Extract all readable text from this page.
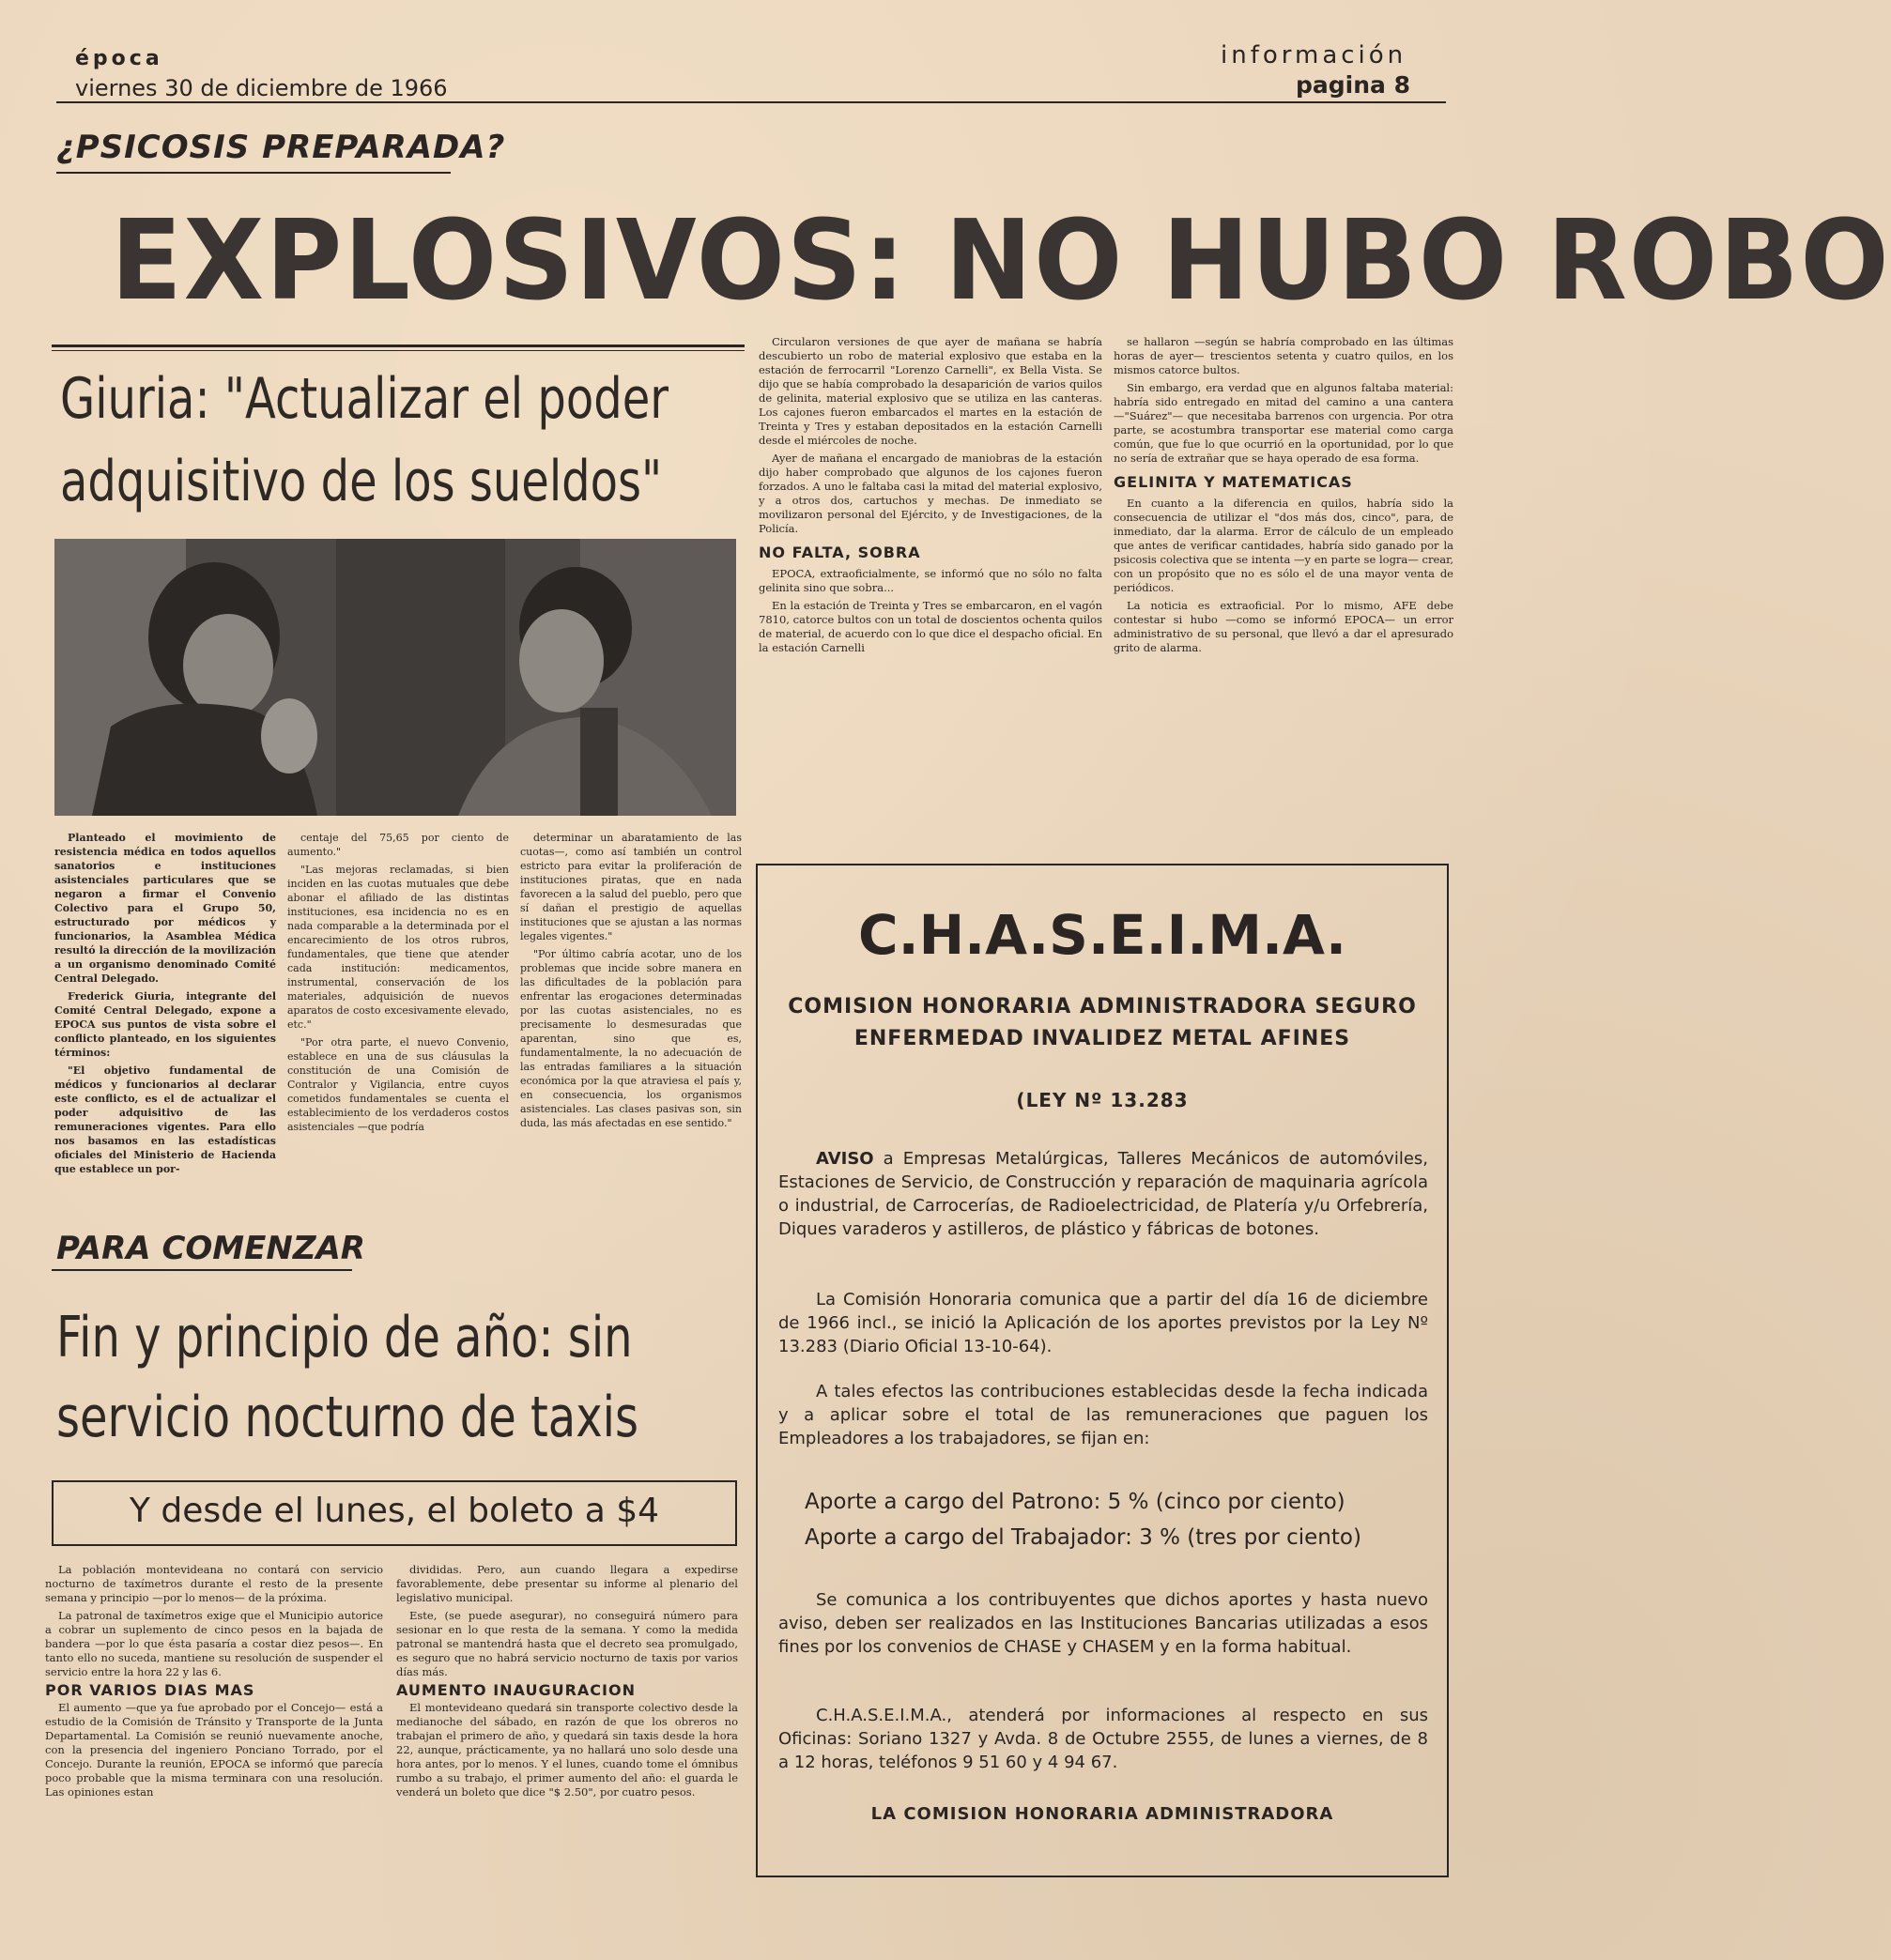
época
viernes 30 de diciembre de 1966
información
pagina 8
¿PSICOSIS PREPARADA?
EXPLOSIVOS: NO HUBO ROBO

Circularon versiones de que ayer de mañana se habría descubierto un robo de material explosivo que estaba en la estación de ferrocarril "Lorenzo Carnelli", ex Bella Vista. Se dijo que se había comprobado la desaparición de varios quilos de gelinita, material explosivo que se utiliza en las canteras. Los cajones fueron embarcados el martes en la estación de Treinta y Tres y estaban depositados en la estación Carnelli desde el miércoles de noche.

Ayer de mañana el encargado de maniobras de la estación dijo haber comprobado que algunos de los cajones fueron forzados. A uno le faltaba casi la mitad del material explosivo, y a otros dos, cartuchos y mechas. De inmediato se movilizaron personal del Ejército, y de Investigaciones, de la Policía.

NO FALTA, SOBRA

EPOCA, extraoficialmente, se informó que no sólo no falta gelinita sino que sobra...

En la estación de Treinta y Tres se embarcaron, en el vagón 7810, catorce bultos con un total de doscientos ochenta quilos de material, de acuerdo con lo que dice el despacho oficial. En la estación Carnelli

se hallaron —según se habría comprobado en las últimas horas de ayer— trescientos setenta y cuatro quilos, en los mismos catorce bultos.

Sin embargo, era verdad que en algunos faltaba material: habría sido entregado en mitad del camino a una cantera —"Suárez"— que necesitaba barrenos con urgencia. Por otra parte, se acostumbra transportar ese material como carga común, que fue lo que ocurrió en la oportunidad, por lo que no sería de extrañar que se haya operado de esa forma.

GELINITA Y MATEMATICAS

En cuanto a la diferencia en quilos, habría sido la consecuencia de utilizar el "dos más dos, cinco", para, de inmediato, dar la alarma. Error de cálculo de un empleado que antes de verificar cantidades, habría sido ganado por la psicosis colectiva que se intenta —y en parte se logra— crear, con un propósito que no es sólo el de una mayor venta de periódicos.

La noticia es extraoficial. Por lo mismo, AFE debe contestar si hubo —como se informó EPOCA— un error administrativo de su personal, que llevó a dar el apresurado grito de alarma.

Giuria: "Actualizar el poder
adquisitivo de los sueldos"

Planteado el movimiento de resistencia médica en todos aquellos sanatorios e instituciones asistenciales particulares que se negaron a firmar el Convenio Colectivo para el Grupo 50, estructurado por médicos y funcionarios, la Asamblea Médica resultó la dirección de la movilización a un organismo denominado Comité Central Delegado.

Frederick Giuria, integrante del Comité Central Delegado, expone a EPOCA sus puntos de vista sobre el conflicto planteado, en los siguientes términos:

"El objetivo fundamental de médicos y funcionarios al declarar este conflicto, es el de actualizar el poder adquisitivo de las remuneraciones vigentes. Para ello nos basamos en las estadísticas oficiales del Ministerio de Hacienda que establece un por-

centaje del 75,65 por ciento de aumento."

"Las mejoras reclamadas, si bien inciden en las cuotas mutuales que debe abonar el afiliado de las distintas instituciones, esa incidencia no es en nada comparable a la determinada por el encarecimiento de los otros rubros, fundamentales, que tiene que atender cada institución: medicamentos, instrumental, conservación de los materiales, adquisición de nuevos aparatos de costo excesivamente elevado, etc."

"Por otra parte, el nuevo Convenio, establece en una de sus cláusulas la constitución de una Comisión de Contralor y Vigilancia, entre cuyos cometidos fundamentales se cuenta el establecimiento de los verdaderos costos asistenciales —que podría

determinar un abaratamiento de las cuotas—, como así también un control estricto para evitar la proliferación de instituciones piratas, que en nada favorecen a la salud del pueblo, pero que sí dañan el prestigio de aquellas instituciones que se ajustan a las normas legales vigentes."

"Por último cabría acotar, uno de los problemas que incide sobre manera en las dificultades de la población para enfrentar las erogaciones determinadas por las cuotas asistenciales, no es precisamente lo desmesuradas que aparentan, sino que es, fundamentalmente, la no adecuación de las entradas familiares a la situación económica por la que atraviesa el país y, en consecuencia, los organismos asistenciales. Las clases pasivas son, sin duda, las más afectadas en ese sentido."

PARA COMENZAR
Fin y principio de año: sin
servicio nocturno de taxis
Y desde el lunes, el boleto a $4

La población montevideana no contará con servicio nocturno de taxímetros durante el resto de la presente semana y principio —por lo menos— de la próxima.

La patronal de taxímetros exige que el Municipio autorice a cobrar un suplemento de cinco pesos en la bajada de bandera —por lo que ésta pasaría a costar diez pesos—. En tanto ello no suceda, mantiene su resolución de suspender el servicio entre la hora 22 y las 6.

POR VARIOS DIAS MAS

El aumento —que ya fue aprobado por el Concejo— está a estudio de la Comisión de Tránsito y Transporte de la Junta Departamental. La Comisión se reunió nuevamente anoche, con la presencia del ingeniero Ponciano Torrado, por el Concejo. Durante la reunión, EPOCA se informó que parecía poco probable que la misma terminara con una resolución. Las opiniones estan

divididas. Pero, aun cuando llegara a expedirse favorablemente, debe presentar su informe al plenario del legislativo municipal.

Este, (se puede asegurar), no conseguirá número para sesionar en lo que resta de la semana. Y como la medida patronal se mantendrá hasta que el decreto sea promulgado, es seguro que no habrá servicio nocturno de taxis por varios días más.

AUMENTO INAUGURACION

El montevideano quedará sin transporte colectivo desde la medianoche del sábado, en razón de que los obreros no trabajan el primero de año, y quedará sin taxis desde la hora 22, aunque, prácticamente, ya no hallará uno solo desde una hora antes, por lo menos. Y el lunes, cuando tome el ómnibus rumbo a su trabajo, el primer aumento del año: el guarda le venderá un boleto que dice "$ 2.50", por cuatro pesos.

C.H.A.S.E.I.M.A.
COMISION HONORARIA ADMINISTRADORA SEGURO
ENFERMEDAD INVALIDEZ METAL AFINES
(LEY Nº 13.283

AVISO a Empresas Metalúrgicas, Talleres Mecánicos de automóviles, Estaciones de Servicio, de Construcción y reparación de maquinaria agrícola o industrial, de Carrocerías, de Radioelectricidad, de Platería y/u Orfebrería, Diques varaderos y astilleros, de plástico y fábricas de botones.

La Comisión Honoraria comunica que a partir del día 16 de diciembre de 1966 incl., se inició la Aplicación de los aportes previstos por la Ley Nº 13.283 (Diario Oficial 13-10-64).

A tales efectos las contribuciones establecidas desde la fecha indicada y a aplicar sobre el total de las remuneraciones que paguen los Empleadores a los trabajadores, se fijan en:

Aporte a cargo del Patrono: 5 % (cinco por ciento)
Aporte a cargo del Trabajador: 3 % (tres por ciento)

Se comunica a los contribuyentes que dichos aportes y hasta nuevo aviso, deben ser realizados en las Instituciones Bancarias utilizadas a esos fines por los convenios de CHASE y CHASEM y en la forma habitual.

C.H.A.S.E.I.M.A., atenderá por informaciones al respecto en sus Oficinas: Soriano 1327 y Avda. 8 de Octubre 2555, de lunes a viernes, de 8 a 12 horas, teléfonos 9 51 60 y 4 94 67.

LA COMISION HONORARIA ADMINISTRADORA
